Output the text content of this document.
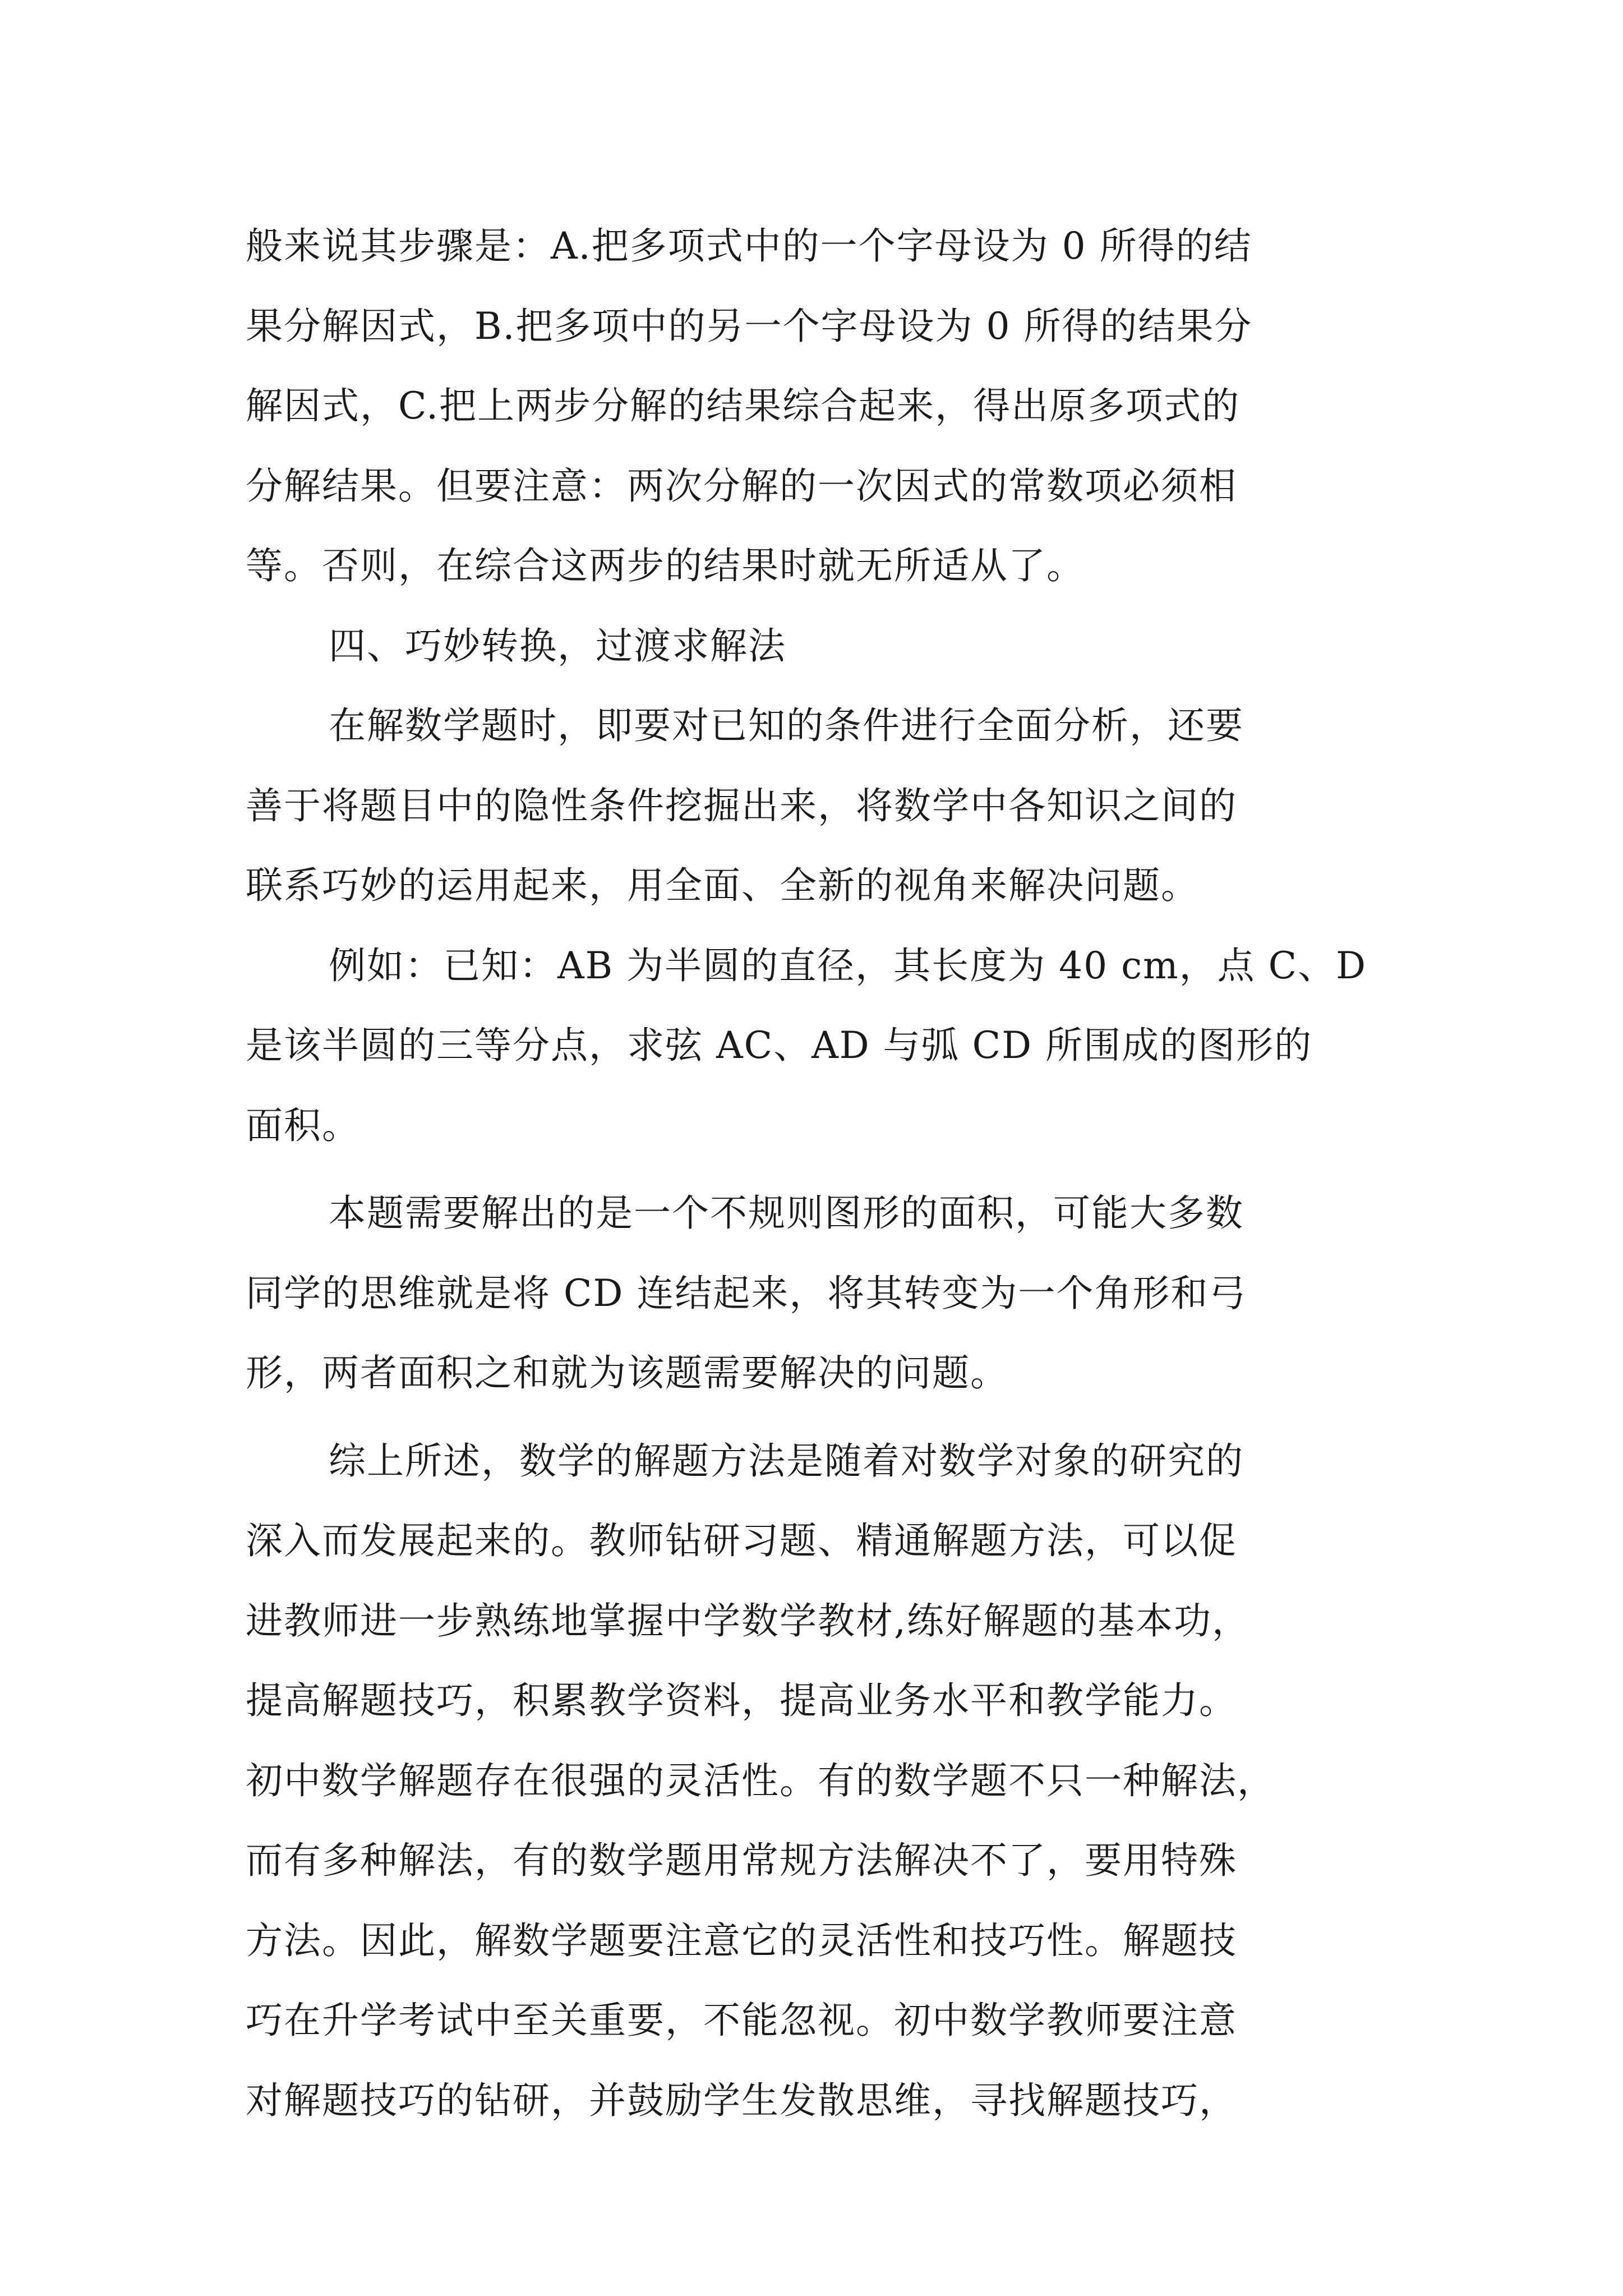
般来说其步骤是：A.把多项式中的一个字母设为 0 所得的结
果分解因式，B.把多项中的另一个字母设为 0 所得的结果分
解因式，C.把上两步分解的结果综合起来，得出原多项式的
分解结果。但要注意：两次分解的一次因式的常数项必须相
等。否则，在综合这两步的结果时就无所适从了。
四、巧妙转换，过渡求解法
在解数学题时，即要对已知的条件进行全面分析，还要
善于将题目中的隐性条件挖掘出来，将数学中各知识之间的
联系巧妙的运用起来，用全面、全新的视角来解决问题。
例如：已知：AB 为半圆的直径，其长度为 40 cm，点 C、D
是该半圆的三等分点，求弦 AC、AD 与弧 CD 所围成的图形的
面积。
本题需要解出的是一个不规则图形的面积，可能大多数
同学的思维就是将 CD 连结起来，将其转变为一个角形和弓
形，两者面积之和就为该题需要解决的问题。
综上所述，数学的解题方法是随着对数学对象的研究的
深入而发展起来的。教师钻研习题、精通解题方法，可以促
进教师进一步熟练地掌握中学数学教材,练好解题的基本功，
提高解题技巧，积累教学资料，提高业务水平和教学能力。
初中数学解题存在很强的灵活性。有的数学题不只一种解法，
而有多种解法，有的数学题用常规方法解决不了，要用特殊
方法。因此，解数学题要注意它的灵活性和技巧性。解题技
巧在升学考试中至关重要，不能忽视。初中数学教师要注意
对解题技巧的钻研，并鼓励学生发散思维，寻找解题技巧，
